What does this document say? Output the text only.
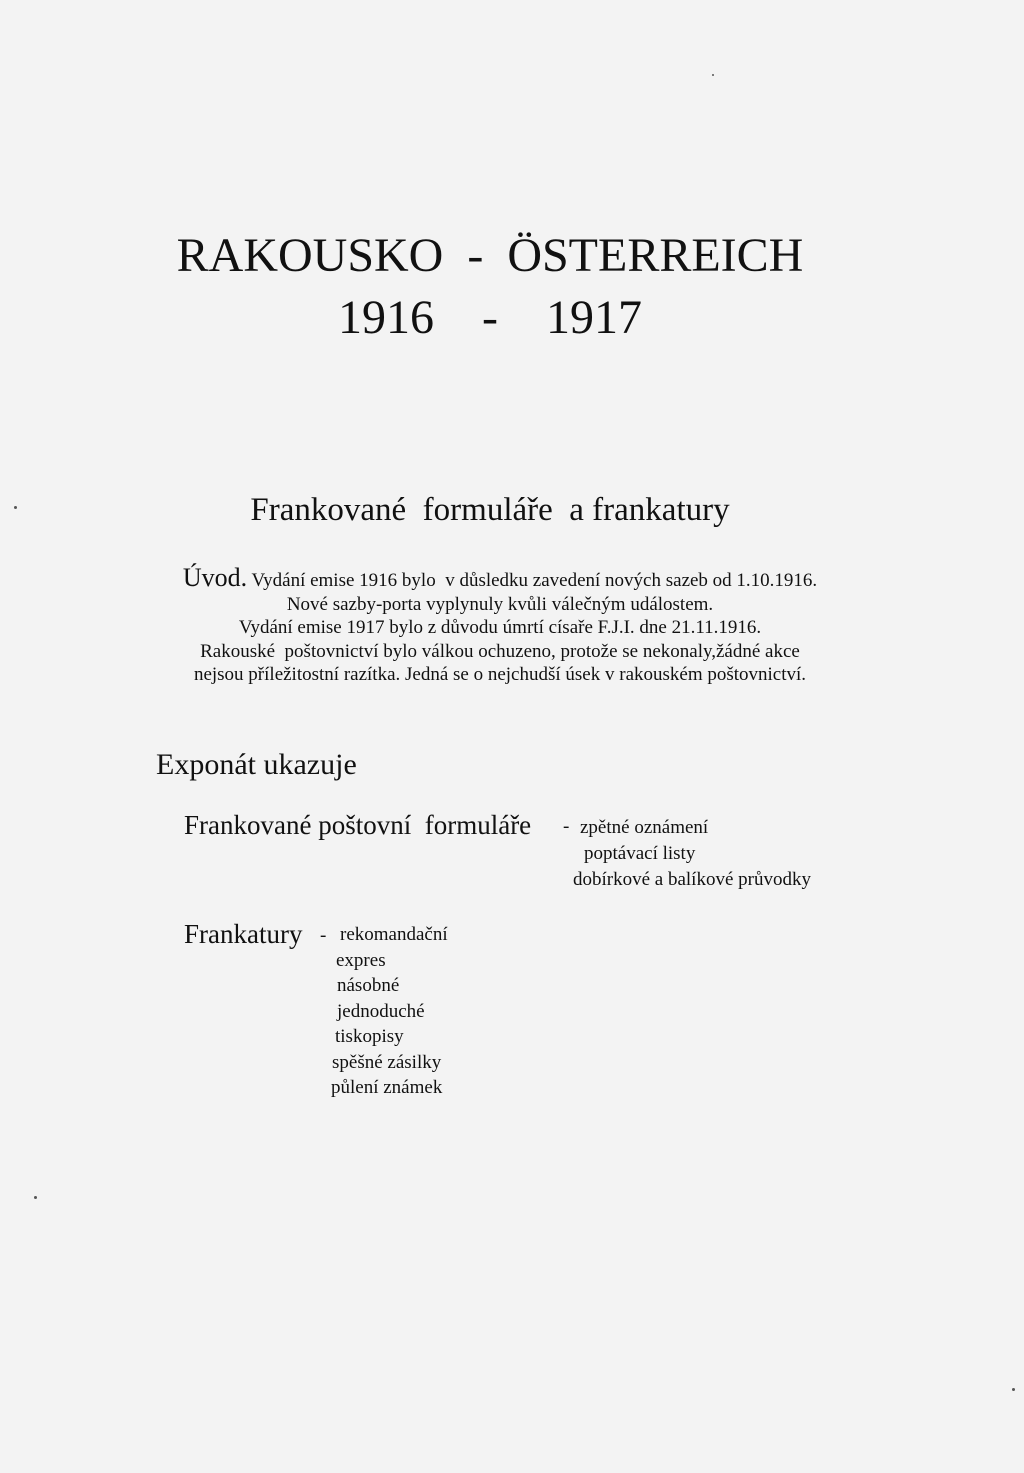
RAKOUSKO  -  ÖSTERREICH
1916    -    1917
Frankované  formuláře  a frankatury
Úvod. Vydání emise 1916 bylo  v důsledku zavedení nových sazeb od 1.10.1916.
Nové sazby-porta vyplynuly kvůli válečným událostem.
Vydání emise 1917 bylo z důvodu úmrtí císaře F.J.I. dne 21.11.1916.
Rakouské  poštovnictví bylo válkou ochuzeno, protože se nekonaly,žádné akce
nejsou příležitostní razítka. Jedná se o nejchudší úsek v rakouském poštovnictví.
Exponát ukazuje
Frankované poštovní  formuláře - zpětné oznámení
poptávací listy
dobírkové a balíkové průvodky
Frankatury - rekomandační
expres
násobné
jednoduché
tiskopisy
spěšné zásilky
půlení známek
